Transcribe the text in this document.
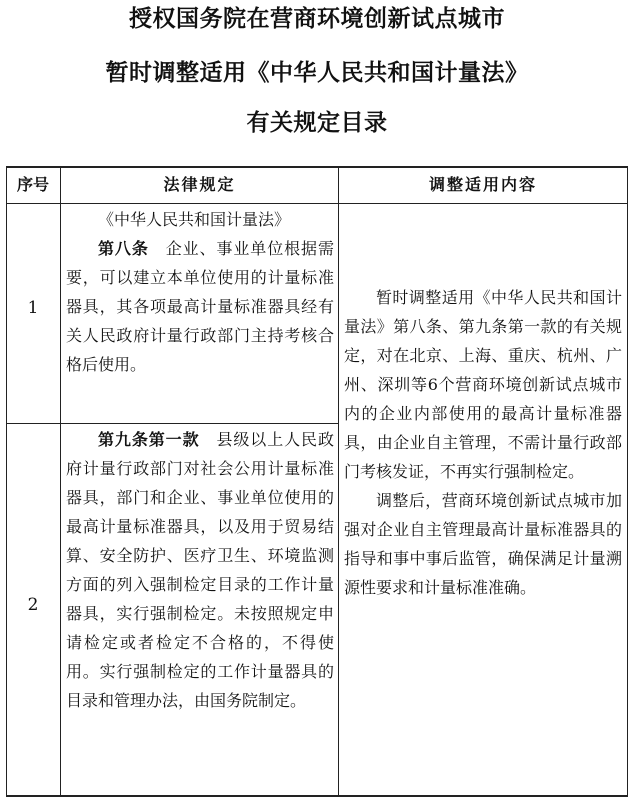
授权国务院在营商环境创新试点城市
暂时调整适用《中华人民共和国计量法》
有关规定目录
序号	法律规定	调整适用内容
1
2

《中华人民共和国计量法》

第八条　 企业、事业单位根据需要，可以建立本单位使用的计量标准器具，其各项最高计量标准器具经有关人民政府计量行政部门主持考核合格后使用。

第九条第一款　 县级以上人民政府计量行政部门对社会公用计量标准器具，部门和企业、事业单位使用的最高计量标准器具，以及用于贸易结算、安全防护、医疗卫生、环境监测方面的列入强制检定目录的工作计量器具，实行强制检定。未按照规定申请检定或者检定不合格的，不得使用。实行强制检定的工作计量器具的目录和管理办法，由国务院制定。

暂时调整适用《中华人民共和国计量法》第八条、第九条第一款的有关规定，对在北京、上海、重庆、杭州、广州、深圳等6个营商环境创新试点城市内的企业内部使用的最高计量标准器具，由企业自主管理，不需计量行政部门考核发证，不再实行强制检定。

调整后，营商环境创新试点城市加强对企业自主管理最高计量标准器具的指导和事中事后监管，确保满足计量溯源性要求和计量标准准确。
